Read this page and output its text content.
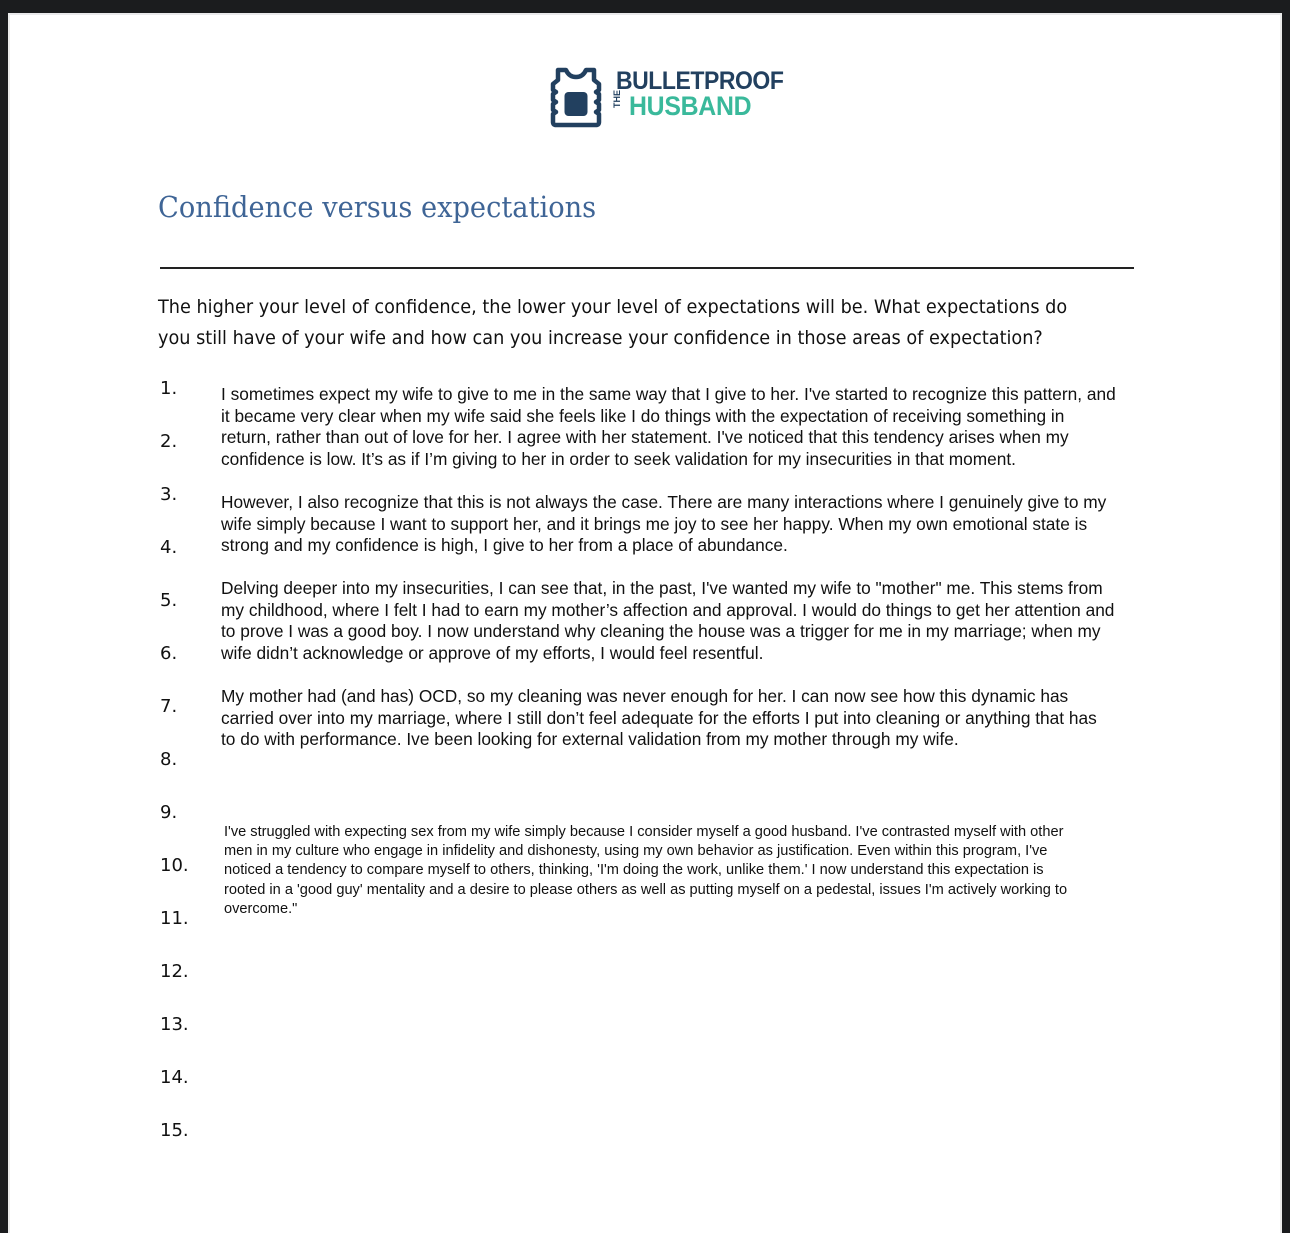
BULLETPROOF
THE HUSBAND
Confidence versus expectations
The higher your level of confidence, the lower your level of expectations will be. What expectations do
you still have of your wife and how can you increase your confidence in those areas of expectation?
1.
2.
3.
4.
5.
6.
7.
8.
9.
10.
11.
12.
13.
14.
15.
I sometimes expect my wife to give to me in the same way that I give to her. I've started to recognize this pattern, and
it became very clear when my wife said she feels like I do things with the expectation of receiving something in
return, rather than out of love for her. I agree with her statement. I've noticed that this tendency arises when my
confidence is low. It’s as if I’m giving to her in order to seek validation for my insecurities in that moment.
However, I also recognize that this is not always the case. There are many interactions where I genuinely give to my
wife simply because I want to support her, and it brings me joy to see her happy. When my own emotional state is
strong and my confidence is high, I give to her from a place of abundance.
Delving deeper into my insecurities, I can see that, in the past, I've wanted my wife to "mother" me. This stems from
my childhood, where I felt I had to earn my mother’s affection and approval. I would do things to get her attention and
to prove I was a good boy. I now understand why cleaning the house was a trigger for me in my marriage; when my
wife didn’t acknowledge or approve of my efforts, I would feel resentful.
My mother had (and has) OCD, so my cleaning was never enough for her. I can now see how this dynamic has
carried over into my marriage, where I still don’t feel adequate for the efforts I put into cleaning or anything that has
to do with performance. Ive been looking for external validation from my mother through my wife.
I've struggled with expecting sex from my wife simply because I consider myself a good husband. I've contrasted myself with other
men in my culture who engage in infidelity and dishonesty, using my own behavior as justification. Even within this program, I've
noticed a tendency to compare myself to others, thinking, 'I'm doing the work, unlike them.' I now understand this expectation is
rooted in a 'good guy' mentality and a desire to please others as well as putting myself on a pedestal, issues I'm actively working to
overcome."
